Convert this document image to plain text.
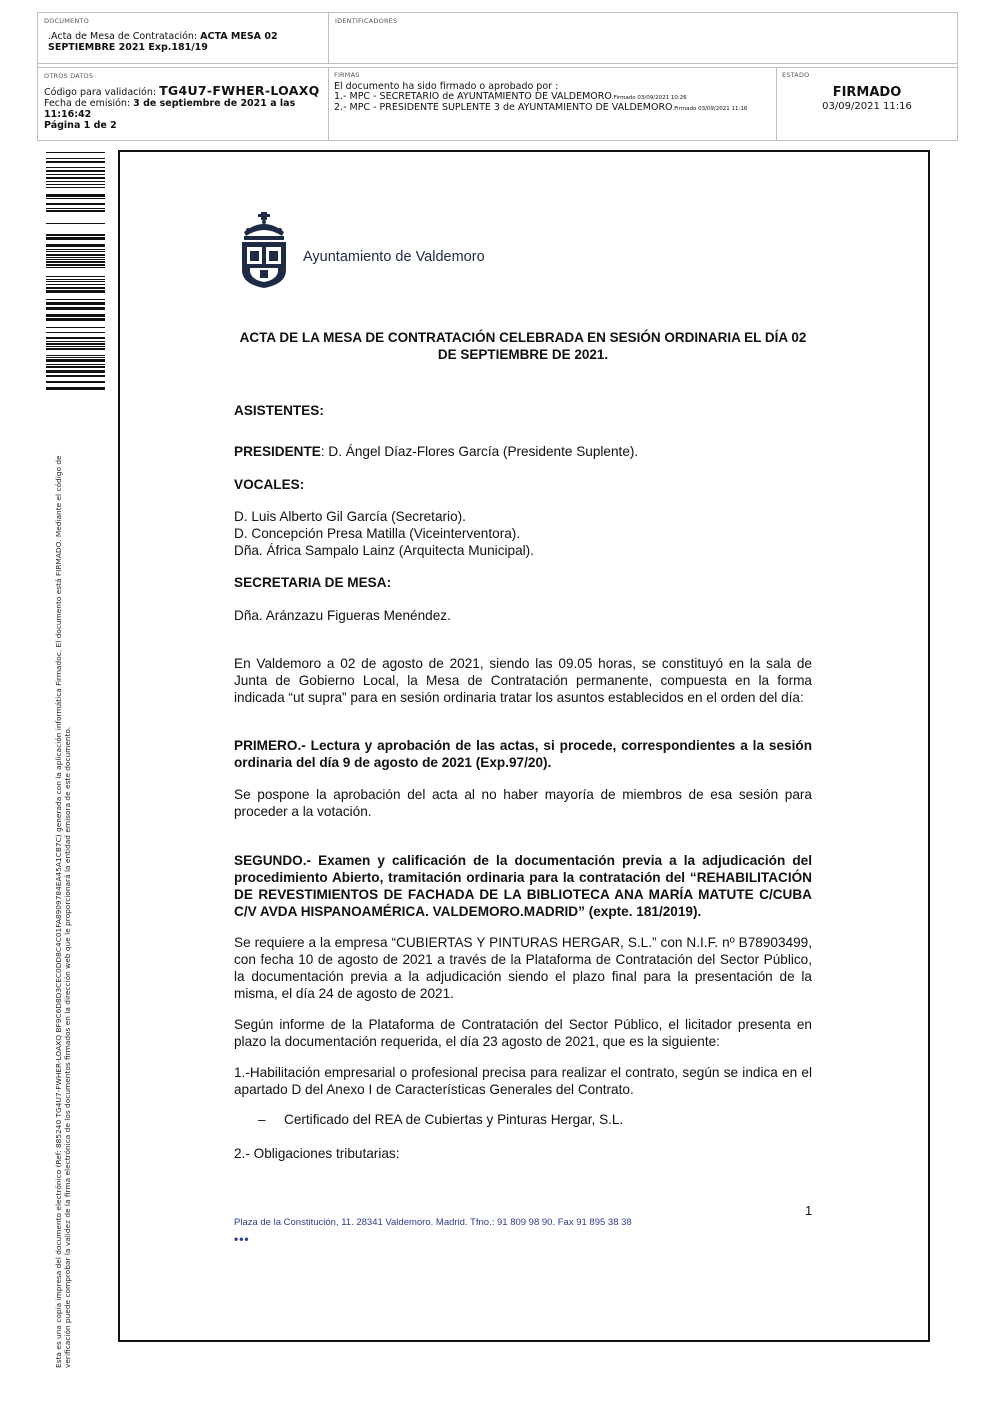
DOCUMENTO
.Acta de Mesa de Contratación: ACTA MESA 02
SEPTIEMBRE 2021 Exp.181/19
IDENTIFICADORES
OTROS DATOS
Código para validación: TG4U7-FWHER-LOAXQ
Fecha de emisión: 3 de septiembre de 2021 a las 11:16:42
Página 1 de 2
FIRMAS
El documento ha sido firmado o aprobado por :
1.- MPC - SECRETARIO de AYUNTAMIENTO DE VALDEMORO.Firmado 03/09/2021 10:26
2.- MPC - PRESIDENTE SUPLENTE 3 de AYUNTAMIENTO DE VALDEMORO.Firmado 03/09/2021 11:16
ESTADO
FIRMADO
03/09/2021 11:16
Esta es una copia impresa del documento electrónico (Ref: 885240 TG4U7-FWHER-LOAXQ BF9C6D8D3CEC0DD8C4C01FA8909784EA45A1CB7C) generada con la aplicación informática Firmadoc. El documento está FIRMADO. Mediante el código de verificación puede comprobar la validez de la firma electrónica de los documentos firmados en la dirección web que le proporcionará la entidad emisora de este documento.
Ayuntamiento de Valdemoro
ACTA DE LA MESA DE CONTRATACIÓN CELEBRADA EN SESIÓN ORDINARIA EL DÍA 02
DE SEPTIEMBRE DE 2021.
ASISTENTES:
PRESIDENTE: D. Ángel Díaz-Flores García (Presidente Suplente).
VOCALES:
D. Luis Alberto Gil García (Secretario).
D. Concepción Presa Matilla (Viceinterventora).
Dña. África Sampalo Lainz (Arquitecta Municipal).
SECRETARIA DE MESA:
Dña. Aránzazu Figueras Menéndez.
En Valdemoro a 02 de agosto de 2021, siendo las 09.05 horas, se constituyó en la sala de Junta de Gobierno Local, la Mesa de Contratación permanente, compuesta en la forma indicada “ut supra” para en sesión ordinaria tratar los asuntos establecidos en el orden del día:
PRIMERO.- Lectura y aprobación de las actas, si procede, correspondientes a la sesión ordinaria del día 9 de agosto de 2021 (Exp.97/20).
Se pospone la aprobación del acta al no haber mayoría de miembros de esa sesión para proceder a la votación.
SEGUNDO.- Examen y calificación de la documentación previa a la adjudicación del procedimiento Abierto, tramitación ordinaria para la contratación del “REHABILITACIÓN DE REVESTIMIENTOS DE FACHADA DE LA BIBLIOTECA ANA MARÍA MATUTE C/CUBA C/V AVDA HISPANOAMÉRICA. VALDEMORO.MADRID” (expte. 181/2019).
Se requiere a la empresa “CUBIERTAS Y PINTURAS HERGAR, S.L.” con N.I.F. nº B78903499, con fecha 10 de agosto de 2021 a través de la Plataforma de Contratación del Sector Público, la documentación previa a la adjudicación siendo el plazo final para la presentación de la misma, el día 24 de agosto de 2021.
Según informe de la Plataforma de Contratación del Sector Público, el licitador presenta en plazo la documentación requerida, el día 23 agosto de 2021, que es la siguiente:
1.-Habilitación empresarial o profesional precisa para realizar el contrato, según se indica en el apartado D del Anexo I de Características Generales del Contrato.
– Certificado del REA de Cubiertas y Pinturas Hergar, S.L.
2.- Obligaciones tributarias:
1
Plaza de la Constitución, 11. 28341 Valdemoro. Madrid. Tfno.: 91 809 98 90. Fax 91 895 38 38
•••
